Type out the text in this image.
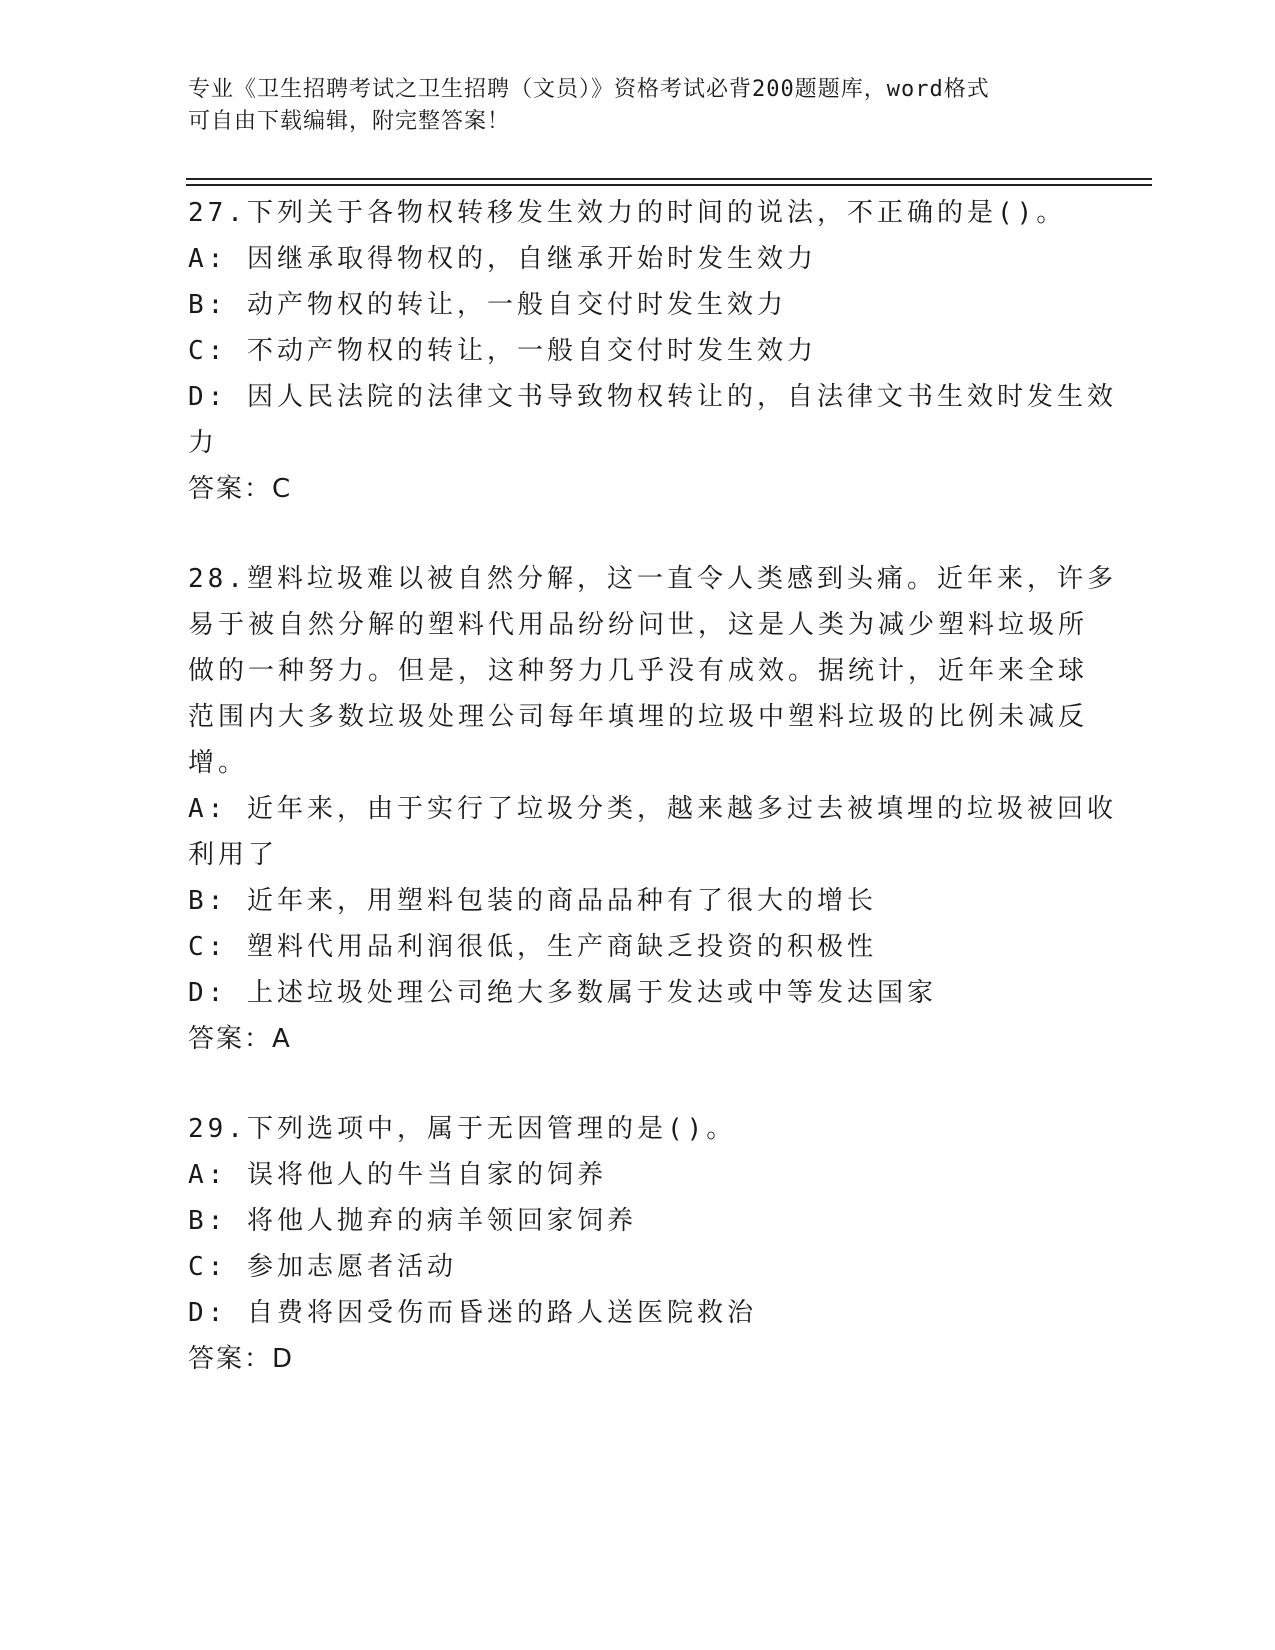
专业《卫生招聘考试之卫生招聘（文员）》资格考试必背200题题库，word格式
可自由下载编辑，附完整答案！
27.下列关于各物权转移发生效力的时间的说法，不正确的是()。
A: 因继承取得物权的，自继承开始时发生效力
B: 动产物权的转让，一般自交付时发生效力
C: 不动产物权的转让，一般自交付时发生效力
D: 因人民法院的法律文书导致物权转让的，自法律文书生效时发生效
力
答案：C
28.塑料垃圾难以被自然分解，这一直令人类感到头痛。近年来，许多
易于被自然分解的塑料代用品纷纷问世，这是人类为减少塑料垃圾所
做的一种努力。但是，这种努力几乎没有成效。据统计，近年来全球
范围内大多数垃圾处理公司每年填埋的垃圾中塑料垃圾的比例未减反
增。
A: 近年来，由于实行了垃圾分类，越来越多过去被填埋的垃圾被回收
利用了
B: 近年来，用塑料包装的商品品种有了很大的增长
C: 塑料代用品利润很低，生产商缺乏投资的积极性
D: 上述垃圾处理公司绝大多数属于发达或中等发达国家
答案：A
29.下列选项中，属于无因管理的是()。
A: 误将他人的牛当自家的饲养
B: 将他人抛弃的病羊领回家饲养
C: 参加志愿者活动
D: 自费将因受伤而昏迷的路人送医院救治
答案：D
